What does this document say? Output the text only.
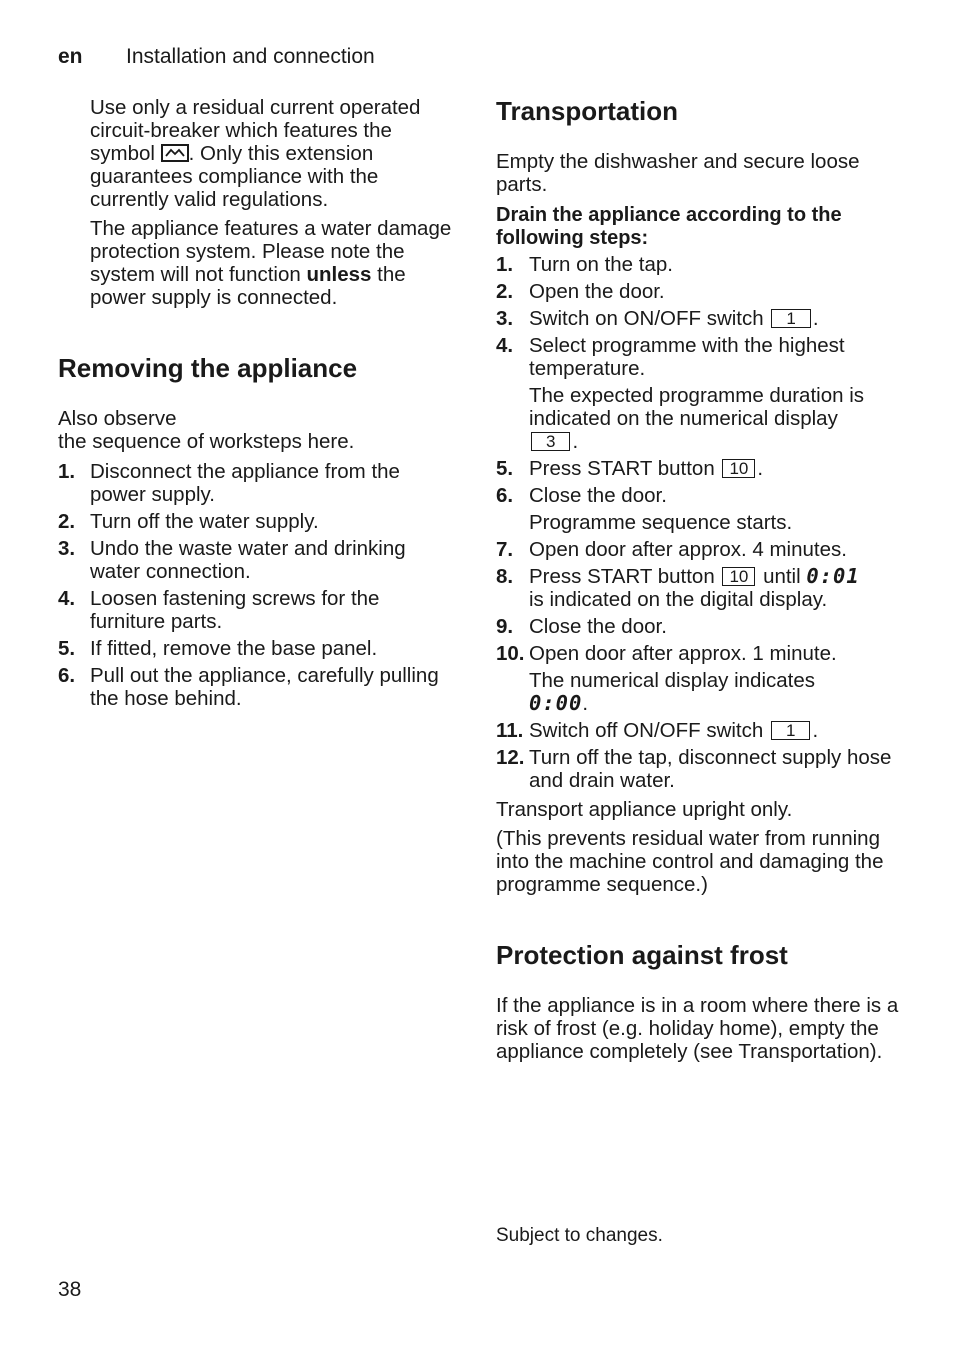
en Installation and connection

Use only a residual current operated circuit-breaker which features the symbol . Only this extension guarantees compliance with the currently valid regulations.

The appliance features a water damage protection system. Please note the system will not function unless the power supply is connected.

Removing the appliance

Also observe

the sequence of worksteps here.

1. Disconnect the appliance from the power supply.
2. Turn off the water supply.
3. Undo the waste water and drinking water connection.
4. Loosen fastening screws for the furniture parts.
5. If fitted, remove the base panel.
6. Pull out the appliance, carefully pulling the hose behind.
Transportation

Empty the dishwasher and secure loose parts.

Drain the appliance according to the following steps:

1. Turn on the tap.
2. Open the door.
3. Switch on ON/OFF switch 1 .
4. Select programme with the highest temperature.
The expected programme duration is indicated on the numerical display
3 .
5. Press START button 10 .
6. Close the door.
Programme sequence starts.
7. Open door after approx. 4 minutes.
8. Press START button 10 until 0:01
is indicated on the digital display.
9. Close the door.
10. Open door after approx. 1 minute.
The numerical display indicates
0:00.
11. Switch off ON/OFF switch 1 .
12. Turn off the tap, disconnect supply hose and drain water.

Transport appliance upright only.

(This prevents residual water from running into the machine control and damaging the programme sequence.)

Protection against frost

If the appliance is in a room where there is a risk of frost (e.g. holiday home), empty the appliance completely (see Transportation).

Subject to changes.
38
